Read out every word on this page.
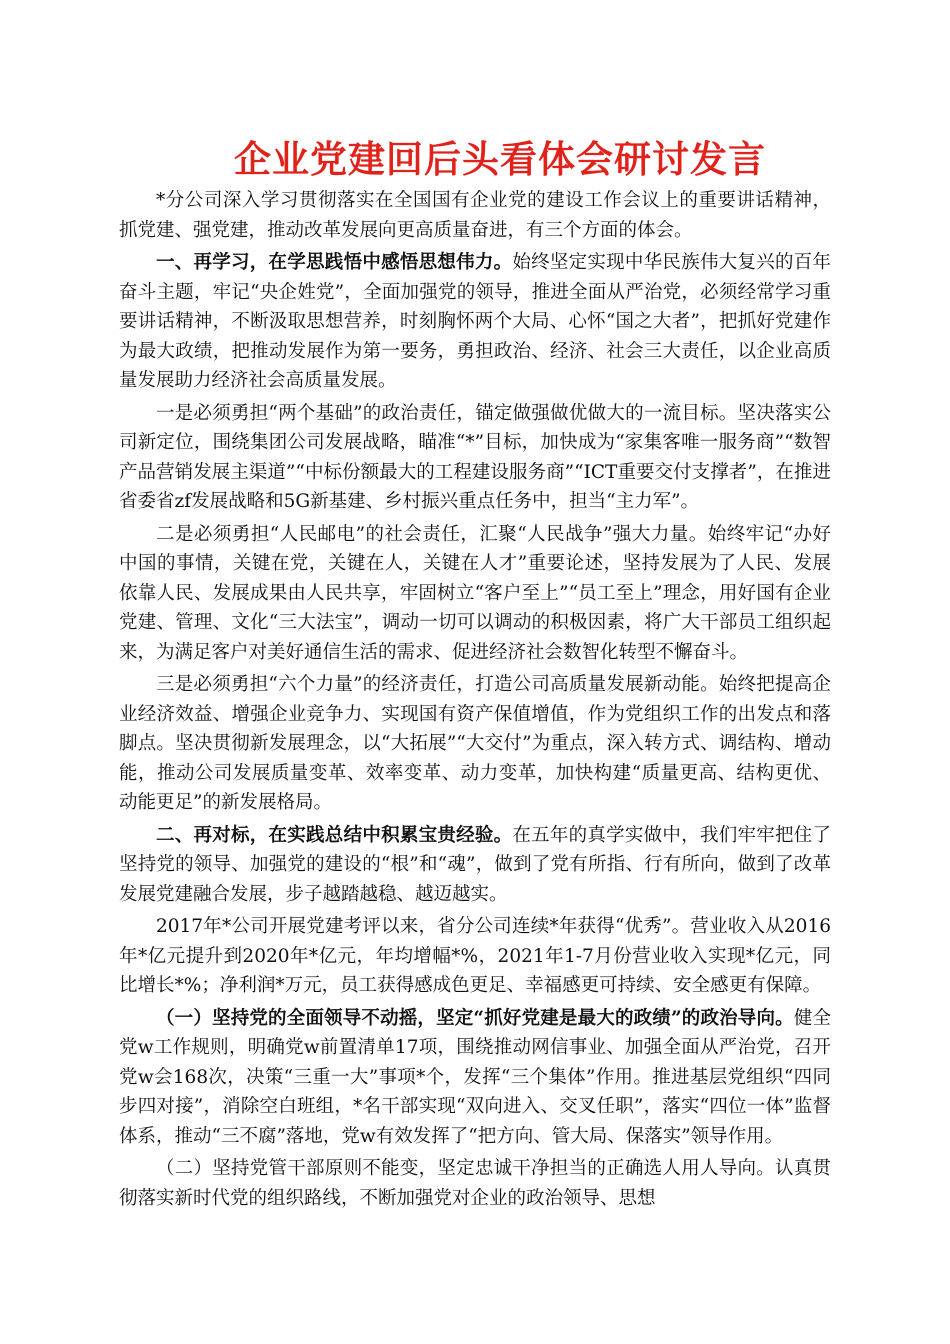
企业党建回后头看体会研讨发言

*分公司深入学习贯彻落实在全国国有企业党的建设工作会议上的重要讲话精神，抓党建、强党建，推动改革发展向更高质量奋进，有三个方面的体会。

一、再学习，在学思践悟中感悟思想伟力。始终坚定实现中华民族伟大复兴的百年奋斗主题，牢记“央企姓党”，全面加强党的领导，推进全面从严治党，必须经常学习重要讲话精神，不断汲取思想营养，时刻胸怀两个大局、心怀“国之大者”，把抓好党建作为最大政绩，把推动发展作为第一要务，勇担政治、经济、社会三大责任，以企业高质量发展助力经济社会高质量发展。

一是必须勇担“两个基础”的政治责任，锚定做强做优做大的一流目标。坚决落实公司新定位，围绕集团公司发展战略，瞄准“*”目标，加快成为“家集客唯一服务商”“数智产品营销发展主渠道”“中标份额最大的工程建设服务商”“ICT重要交付支撑者”，在推进省委省zf发展战略和5G新基建、乡村振兴重点任务中，担当“主力军”。

二是必须勇担“人民邮电”的社会责任，汇聚“人民战争”强大力量。始终牢记“办好中国的事情，关键在党，关键在人，关键在人才”重要论述，坚持发展为了人民、发展依靠人民、发展成果由人民共享，牢固树立“客户至上”“员工至上”理念，用好国有企业党建、管理、文化“三大法宝”，调动一切可以调动的积极因素，将广大干部员工组织起来，为满足客户对美好通信生活的需求、促进经济社会数智化转型不懈奋斗。

三是必须勇担“六个力量”的经济责任，打造公司高质量发展新动能。始终把提高企业经济效益、增强企业竞争力、实现国有资产保值增值，作为党组织工作的出发点和落脚点。坚决贯彻新发展理念，以“大拓展”“大交付”为重点，深入转方式、调结构、增动能，推动公司发展质量变革、效率变革、动力变革，加快构建“质量更高、结构更优、动能更足”的新发展格局。

二、再对标，在实践总结中积累宝贵经验。在五年的真学实做中，我们牢牢把住了坚持党的领导、加强党的建设的“根”和“魂”，做到了党有所指、行有所向，做到了改革发展党建融合发展，步子越踏越稳、越迈越实。

2017年*公司开展党建考评以来，省分公司连续*年获得“优秀”。营业收入从2016年*亿元提升到2020年*亿元，年均增幅*%，2021年1-7月份营业收入实现*亿元，同比增长*%；净利润*万元，员工获得感成色更足、幸福感更可持续、安全感更有保障。

（一）坚持党的全面领导不动摇，坚定“抓好党建是最大的政绩”的政治导向。健全党w工作规则，明确党w前置清单17项，围绕推动网信事业、加强全面从严治党，召开党w会168次，决策“三重一大”事项*个，发挥“三个集体”作用。推进基层党组织“四同步四对接”，消除空白班组，*名干部实现“双向进入、交叉任职”，落实“四位一体”监督体系，推动“三不腐”落地，党w有效发挥了“把方向、管大局、保落实”领导作用。

（二）坚持党管干部原则不能变，坚定忠诚干净担当的正确选人用人导向。认真贯彻落实新时代党的组织路线，不断加强党对企业的政治领导、思想
